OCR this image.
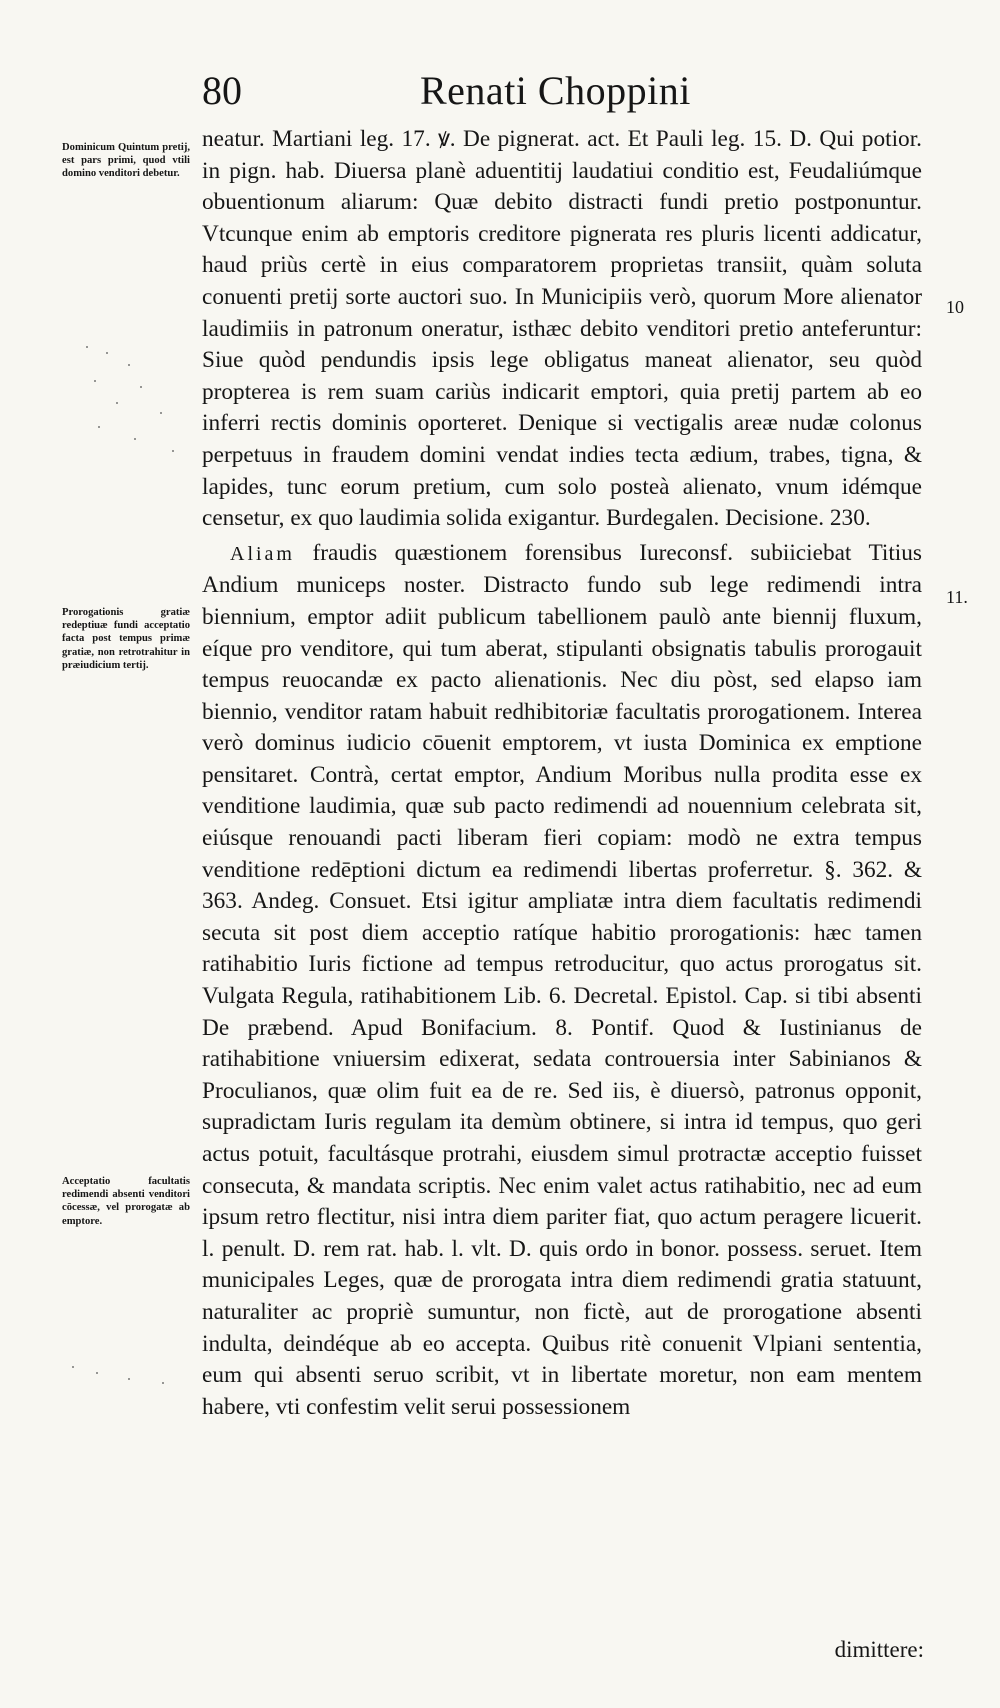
80	Renati Choppini
Dominicum Quintum pretij, est pars primi, quod vtili domino venditori debetur.
Prorogationis gratiæ redeptiuæ fundi acceptatio facta post tempus primæ gratiæ, non retrotrahitur in præiudicium tertij.
Acceptatio facultatis redimendi absenti venditori cōcessæ, vel prorogatæ ab emptore.
10
11.

neatur. Martiani leg. 17. ꝟ. De pignerat. act. Et Pauli leg. 15. D. Qui potior. in pign. hab. Diuersa planè aduentitij laudatiui conditio est, Feudaliúmque obuentionum aliarum: Quæ debito distracti fundi pretio postponuntur. Vtcunque enim ab emptoris creditore pignerata res pluris licenti addicatur, haud priùs certè in eius comparatorem proprietas transiit, quàm soluta conuenti pretij sorte auctori suo. In Municipiis verò, quorum More alienator laudimiis in patronum oneratur, isthæc debito venditori pretio anteferuntur: Siue quòd pendundis ipsis lege obligatus maneat alienator, seu quòd propterea is rem suam cariùs indicarit emptori, quia pretij partem ab eo inferri rectis dominis oporteret. Denique si vectigalis areæ nudæ colonus perpetuus in fraudem domini vendat indies tecta ædium, trabes, tigna, & lapides, tunc eorum pretium, cum solo posteà alienato, vnum idémque censetur, ex quo laudimia solida exigantur. Burdegalen. Decisione. 230.

Aliam fraudis quæstionem forensibus Iureconsf. subiiciebat Titius Andium municeps noster. Distracto fundo sub lege redimendi intra biennium, emptor adiit publicum tabellionem paulò ante biennij fluxum, eíque pro venditore, qui tum aberat, stipulanti obsignatis tabulis prorogauit tempus reuocandæ ex pacto alienationis. Nec diu pòst, sed elapso iam biennio, venditor ratam habuit redhibitoriæ facultatis prorogationem. Interea verò dominus iudicio cōuenit emptorem, vt iusta Dominica ex emptione pensitaret. Contrà, certat emptor, Andium Moribus nulla prodita esse ex venditione laudimia, quæ sub pacto redimendi ad nouennium celebrata sit, eiúsque renouandi pacti liberam fieri copiam: modò ne extra tempus venditione redēptioni dictum ea redimendi libertas proferretur. §. 362. & 363. Andeg. Consuet. Etsi igitur ampliatæ intra diem facultatis redimendi secuta sit post diem acceptio ratíque habitio prorogationis: hæc tamen ratihabitio Iuris fictione ad tempus retroducitur, quo actus prorogatus sit. Vulgata Regula, ratihabitionem Lib. 6. Decretal. Epistol. Cap. si tibi absenti De præbend. Apud Bonifacium. 8. Pontif. Quod & Iustinianus de ratihabitione vniuersim edixerat, sedata controuersia inter Sabinianos & Proculianos, quæ olim fuit ea de re. Sed iis, è diuersò, patronus opponit, supradictam Iuris regulam ita demùm obtinere, si intra id tempus, quo geri actus potuit, facultásque protrahi, eiusdem simul protractæ acceptio fuisset consecuta, & mandata scriptis. Nec enim valet actus ratihabitio, nec ad eum ipsum retro flectitur, nisi intra diem pariter fiat, quo actum peragere licuerit. l. penult. D. rem rat. hab. l. vlt. D. quis ordo in bonor. possess. seruet. Item municipales Leges, quæ de prorogata intra diem redimendi gratia statuunt, naturaliter ac propriè sumuntur, non fictè, aut de prorogatione absenti indulta, deindéque ab eo accepta. Quibus ritè conuenit Vlpiani sententia, eum qui absenti seruo scribit, vt in libertate moretur, non eam mentem habere, vti confestim velit serui possessionem

dimittere:
